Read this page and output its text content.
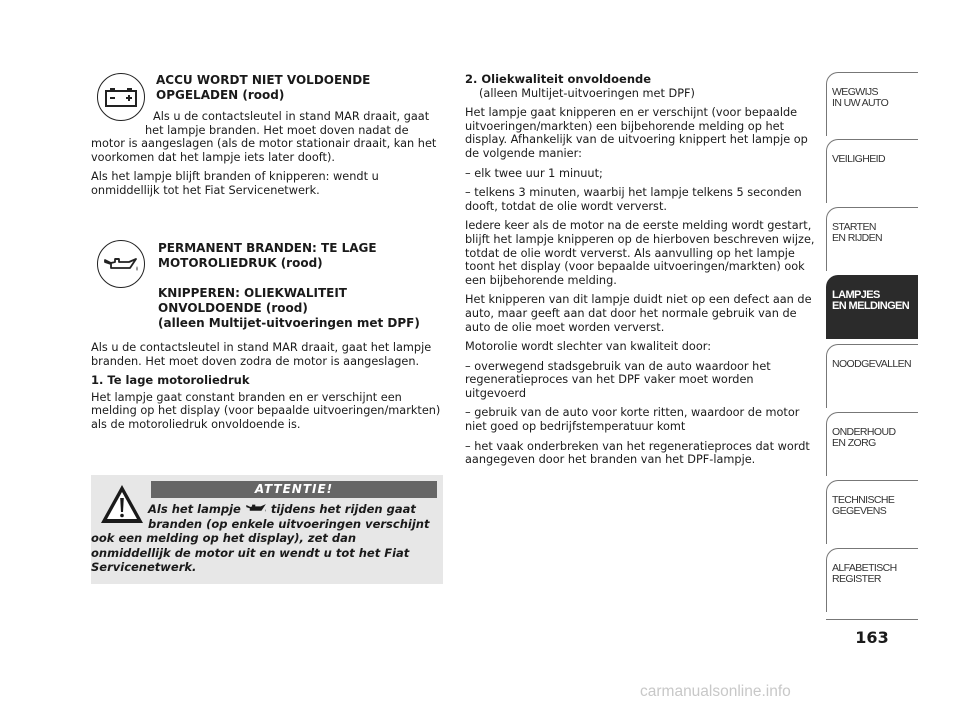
ACCU WORDT NIET VOLDOENDE
OPGELADEN (rood)
Als u de contactsleutel in stand MAR draait, gaat
het lampje branden. Het moet doven nadat de
motor is aangeslagen (als de motor stationair draait, kan het
voorkomen dat het lampje iets later dooft).

Als het lampje blijft branden of knipperen: wendt u onmiddellijk tot het Fiat Servicenetwerk.

PERMANENT BRANDEN: TE LAGE
MOTOROLIEDRUK (rood)
KNIPPEREN: OLIEKWALITEIT
ONVOLDOENDE (rood)
(alleen Multijet-uitvoeringen met DPF)

Als u de contactsleutel in stand MAR draait, gaat het lampje branden. Het moet doven zodra de motor is aangeslagen.

1. Te lage motoroliedruk

Het lampje gaat constant branden en er verschijnt een melding op het display (voor bepaalde uitvoeringen/markten) als de motoroliedruk onvoldoende is.

ATTENTIE!
Als het lampje	tijdens het rijden gaat
branden (op enkele uitvoeringen verschijnt
ook een melding op het display), zet dan onmiddellijk de motor uit en wendt u tot het Fiat Servicenetwerk.
2. Oliekwaliteit onvoldoende
(alleen Multijet-uitvoeringen met DPF)

Het lampje gaat knipperen en er verschijnt (voor bepaalde uitvoeringen/markten) een bijbehorende melding op het display. Afhankelijk van de uitvoering knippert het lampje op de volgende manier:

– elk twee uur 1 minuut;

– telkens 3 minuten, waarbij het lampje telkens 5 seconden dooft, totdat de olie wordt ververst.

Iedere keer als de motor na de eerste melding wordt gestart, blijft het lampje knipperen op de hierboven beschreven wijze, totdat de olie wordt ververst. Als aanvulling op het lampje toont het display (voor bepaalde uitvoeringen/markten) ook een bijbehorende melding.

Het knipperen van dit lampje duidt niet op een defect aan de auto, maar geeft aan dat door het normale gebruik van de auto de olie moet worden ververst.

Motorolie wordt slechter van kwaliteit door:

– overwegend stadsgebruik van de auto waardoor het regeneratieproces van het DPF vaker moet worden uitgevoerd

– gebruik van de auto voor korte ritten, waardoor de motor niet goed op bedrijfstemperatuur komt

– het vaak onderbreken van het regeneratieproces dat wordt aangegeven door het branden van het DPF-lampje.

WEGWIJS
IN UW AUTO
VEILIGHEID
STARTEN
EN RIJDEN
LAMPJES
EN MELDINGEN
NOODGEVALLEN
ONDERHOUD
EN ZORG
TECHNISCHE
GEGEVENS
ALFABETISCH
REGISTER
163
carmanualsonline.info
